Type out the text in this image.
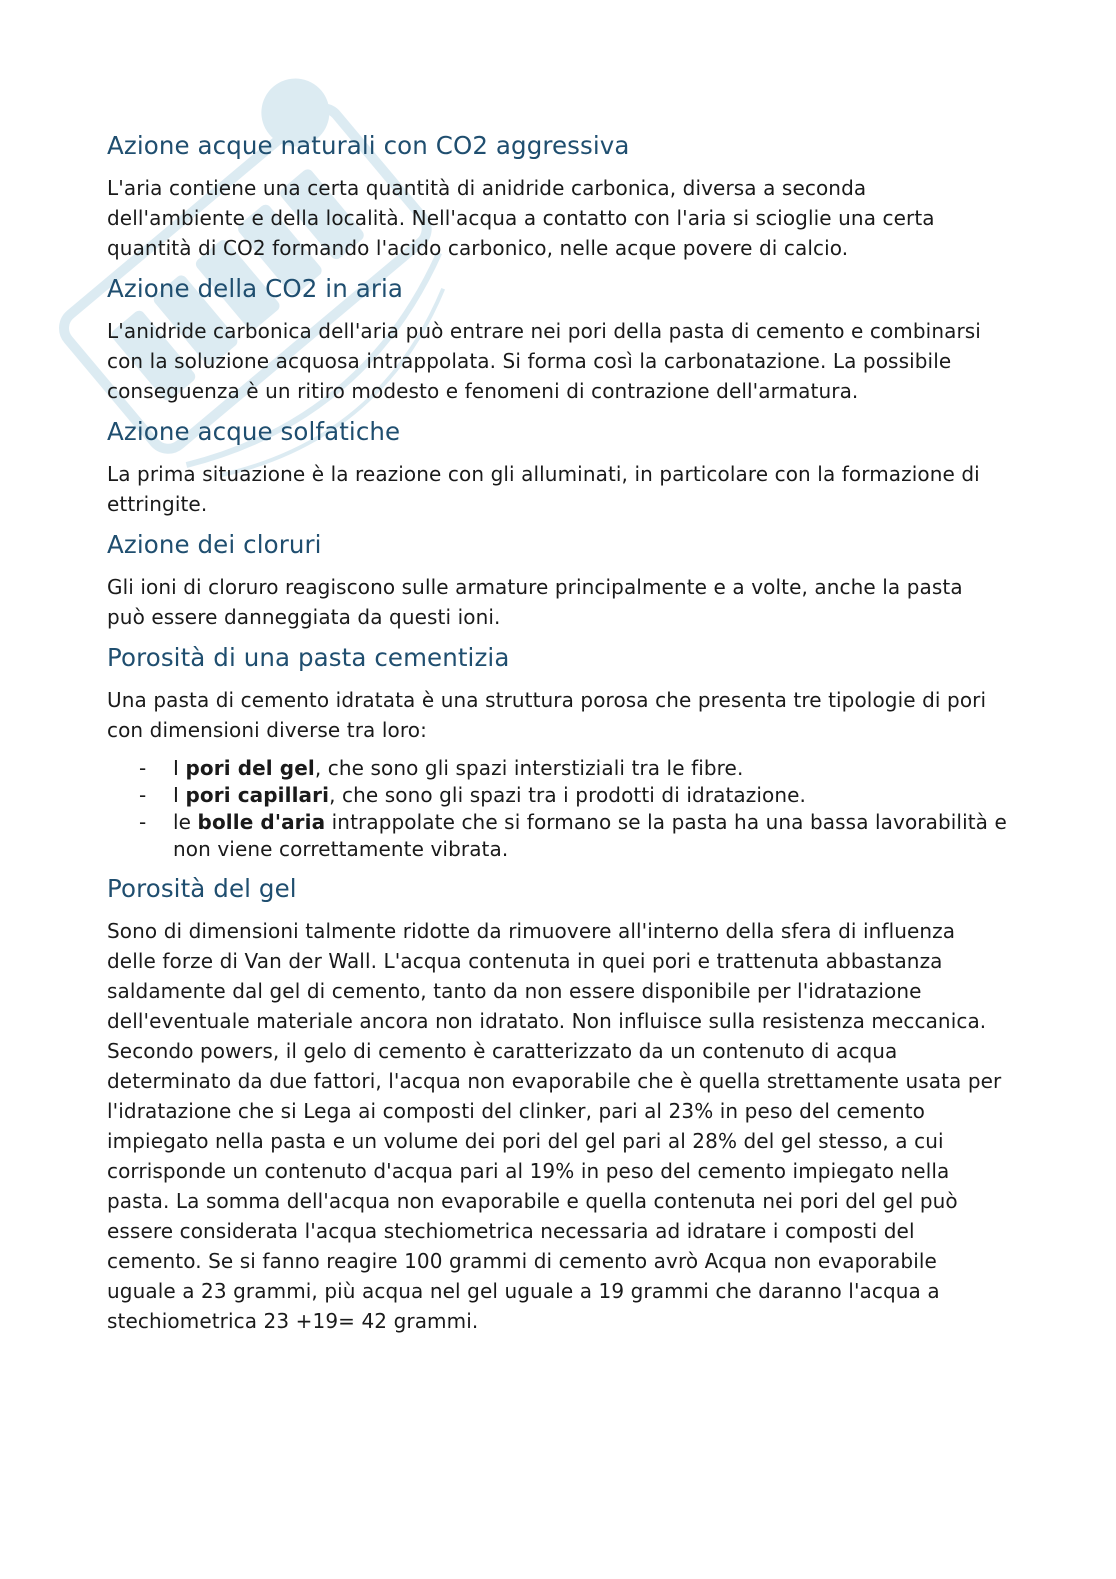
Azione acque naturali con CO2 aggressiva

L'aria contiene una certa quantità di anidride carbonica, diversa a seconda dell'ambiente e della località. Nell'acqua a contatto con l'aria si scioglie una certa quantità di CO2 formando l'acido carbonico, nelle acque povere di calcio.

Azione della CO2 in aria

L'anidride carbonica dell'aria può entrare nei pori della pasta di cemento e combinarsi con la soluzione acquosa intrappolata. Si forma così la carbonatazione. La possibile conseguenza è un ritiro modesto e fenomeni di contrazione dell'armatura.

Azione acque solfatiche

La prima situazione è la reazione con gli alluminati, in particolare con la formazione di ettringite.

Azione dei cloruri

Gli ioni di cloruro reagiscono sulle armature principalmente e a volte, anche la pasta può essere danneggiata da questi ioni.

Porosità di una pasta cementizia

Una pasta di cemento idratata è una struttura porosa che presenta tre tipologie di pori con dimensioni diverse tra loro:

- I pori del gel, che sono gli spazi interstiziali tra le fibre.
- I pori capillari, che sono gli spazi tra i prodotti di idratazione.
- le bolle d'aria intrappolate che si formano se la pasta ha una bassa lavorabilità e non viene correttamente vibrata.
Porosità del gel

Sono di dimensioni talmente ridotte da rimuovere all'interno della sfera di influenza delle forze di Van der Wall. L'acqua contenuta in quei pori e trattenuta abbastanza saldamente dal gel di cemento, tanto da non essere disponibile per l'idratazione dell'eventuale materiale ancora non idratato. Non influisce sulla resistenza meccanica. Secondo powers, il gelo di cemento è caratterizzato da un contenuto di acqua determinato da due fattori, l'acqua non evaporabile che è quella strettamente usata per l'idratazione che si Lega ai composti del clinker, pari al 23% in peso del cemento impiegato nella pasta e un volume dei pori del gel pari al 28% del gel stesso, a cui corrisponde un contenuto d'acqua pari al 19% in peso del cemento impiegato nella pasta. La somma dell'acqua non evaporabile e quella contenuta nei pori del gel può essere considerata l'acqua stechiometrica necessaria ad idratare i composti del cemento. Se si fanno reagire 100 grammi di cemento avrò Acqua non evaporabile uguale a 23 grammi, più acqua nel gel uguale a 19 grammi che daranno l'acqua a stechiometrica 23 +19= 42 grammi.
